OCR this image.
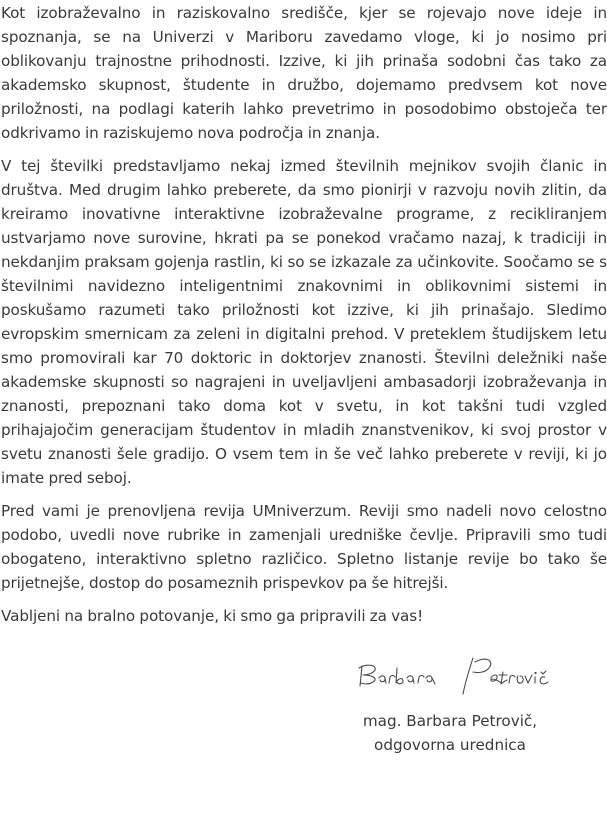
Kot izobraževalno in raziskovalno središče, kjer se rojevajo nove ideje in spoznanja, se na Univerzi v Mariboru zavedamo vloge, ki jo nosimo pri oblikovanju trajnostne prihodnosti. Izzive, ki jih prinaša sodobni čas tako za akademsko skupnost, študente in družbo, dojemamo predvsem kot nove priložnosti, na podlagi katerih lahko prevetrimo in posodobimo obstoječa ter odkrivamo in raziskujemo nova področja in znanja.

V tej številki predstavljamo nekaj izmed številnih mejnikov svojih članic in društva. Med drugim lahko preberete, da smo pionirji v razvoju novih zlitin, da kreiramo inovativne interaktivne izobraževalne programe, z recikliranjem ustvarjamo nove surovine, hkrati pa se ponekod vračamo nazaj, k tradiciji in nekdanjim praksam gojenja rastlin, ki so se izkazale za učinkovite. Soočamo se s številnimi navidezno inteligentnimi znakovnimi in oblikovnimi sistemi in poskušamo razumeti tako priložnosti kot izzive, ki jih prinašajo. Sledimo evropskim smernicam za zeleni in digitalni prehod. V preteklem študijskem letu smo promovirali kar 70 doktoric in doktorjev znanosti. Številni deležniki naše akademske skupnosti so nagrajeni in uveljavljeni ambasadorji izobraževanja in znanosti, prepoznani tako doma kot v svetu, in kot takšni tudi vzgled prihajajočim generacijam študentov in mladih znanstvenikov, ki svoj prostor v svetu znanosti šele gradijo. O vsem tem in še več lahko preberete v reviji, ki jo imate pred seboj.

Pred vami je prenovljena revija UMniverzum. Reviji smo nadeli novo celostno podobo, uvedli nove rubrike in zamenjali uredniške čevlje. Pripravili smo tudi obogateno, interaktivno spletno različico. Spletno listanje revije bo tako še prijetnejše, dostop do posameznih prispevkov pa še hitrejši.

Vabljeni na bralno potovanje, ki smo ga pripravili za vas!

mag. Barbara Petrovič,
odgovorna urednica
